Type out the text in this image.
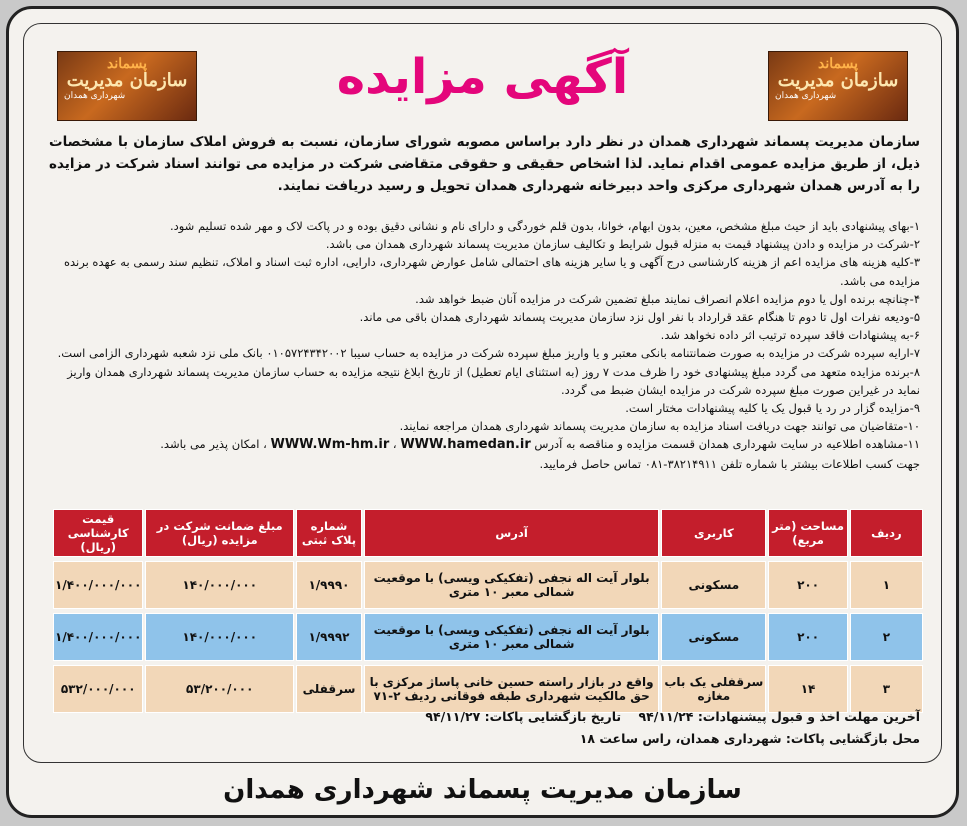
پسماند
سازمان مدیریت
شهرداری همدان
پسماند
سازمان مدیریت
شهرداری همدان
آگهی مزایده
سازمان مدیریت پسماند شهرداری همدان در نظر دارد براساس مصوبه شورای سازمان، نسبت به فروش املاک سازمان با مشخصات ذیل، از طریق مزایده عمومی اقدام نماید. لذا اشخاص حقیقی و حقوقی متقاضی شرکت در مزایده می توانند اسناد شرکت در مزایده را به آدرس همدان شهرداری مرکزی واحد دبیرخانه شهرداری همدان تحویل و رسید دریافت نمایند.

۱-بهای پیشنهادی باید از حیث مبلغ مشخص، معین، بدون ابهام، خوانا، بدون قلم خوردگی و دارای نام و نشانی دقیق بوده و در پاکت لاک و مهر شده تسلیم شود.

۲-شرکت در مزایده و دادن پیشنهاد قیمت به منزله قبول شرایط و تکالیف سازمان مدیریت پسماند شهرداری همدان می باشد.

۳-کلیه هزینه های مزایده اعم از هزینه کارشناسی درج آگهی و یا سایر هزینه های احتمالی شامل عوارض شهرداری، دارایی، اداره ثبت اسناد و املاک، تنظیم سند رسمی به عهده برنده مزایده می باشد.

۴-چنانچه برنده اول یا دوم مزایده اعلام انصراف نمایند مبلغ تضمین شرکت در مزایده آنان ضبط خواهد شد.

۵-ودیعه نفرات اول تا دوم تا هنگام عقد قرارداد با نفر اول نزد سازمان مدیریت پسماند شهرداری همدان باقی می ماند.

۶-به پیشنهادات فاقد سپرده ترتیب اثر داده نخواهد شد.

۷-ارایه سپرده شرکت در مزایده به صورت ضمانتنامه بانکی معتبر و یا واریز مبلغ سپرده شرکت در مزایده به حساب سیبا ۰۱۰۵۷۲۴۳۴۲۰۰۲ بانک ملی نزد شعبه شهرداری الزامی است.

۸-برنده مزایده متعهد می گردد مبلغ پیشنهادی خود را ظرف مدت ۷ روز (به استثنای ایام تعطیل) از تاریخ ابلاغ نتیجه مزایده به حساب سازمان مدیریت پسماند شهرداری همدان واریز نماید در غیراین صورت مبلغ سپرده شرکت در مزایده ایشان ضبط می گردد.

۹-مزایده گزار در رد یا قبول یک یا کلیه پیشنهادات مختار است.

۱۰-متقاضیان می توانند جهت دریافت اسناد مزایده به سازمان مدیریت پسماند شهرداری همدان مراجعه نمایند.

۱۱-مشاهده اطلاعیه در سایت شهرداری همدان قسمت مزایده و مناقصه به آدرس WWW.Wm-hm.ir ، WWW.hamedan.ir ، امکان پذیر می باشد.

جهت کسب اطلاعات بیشتر با شماره تلفن ۳۸۲۱۴۹۱۱-۰۸۱ تماس حاصل فرمایید.

ردیف	مساحت (متر مربع)	کاربری	آدرس	شماره پلاک ثبتی	مبلغ ضمانت شرکت در مزایده (ریال)	قیمت کارشناسی (ریال)
۱	۲۰۰	مسکونی	بلوار آیت اله نجفی (تفکیکی ویسی) با موقعیت شمالی معبر ۱۰ متری	۱/۹۹۹۰	۱۴۰/۰۰۰/۰۰۰	۱/۴۰۰/۰۰۰/۰۰۰
۲	۲۰۰	مسکونی	بلوار آیت اله نجفی (تفکیکی ویسی) با موقعیت شمالی معبر ۱۰ متری	۱/۹۹۹۲	۱۴۰/۰۰۰/۰۰۰	۱/۴۰۰/۰۰۰/۰۰۰
۳	۱۴	سرقفلی یک باب مغازه	واقع در بازار راسته حسین خانی پاساژ مرکزی با حق مالکیت شهرداری طبقه فوقانی ردیف ۲-۷۱	سرقفلی	۵۳/۲۰۰/۰۰۰	۵۳۲/۰۰۰/۰۰۰
آخرین مهلت اخذ و قبول پیشنهادات: ۹۴/۱۱/۲۴    تاریخ بازگشایی پاکات: ۹۴/۱۱/۲۷
محل بازگشایی پاکات: شهرداری همدان، راس ساعت ۱۸
سازمان مدیریت پسماند شهرداری همدان
